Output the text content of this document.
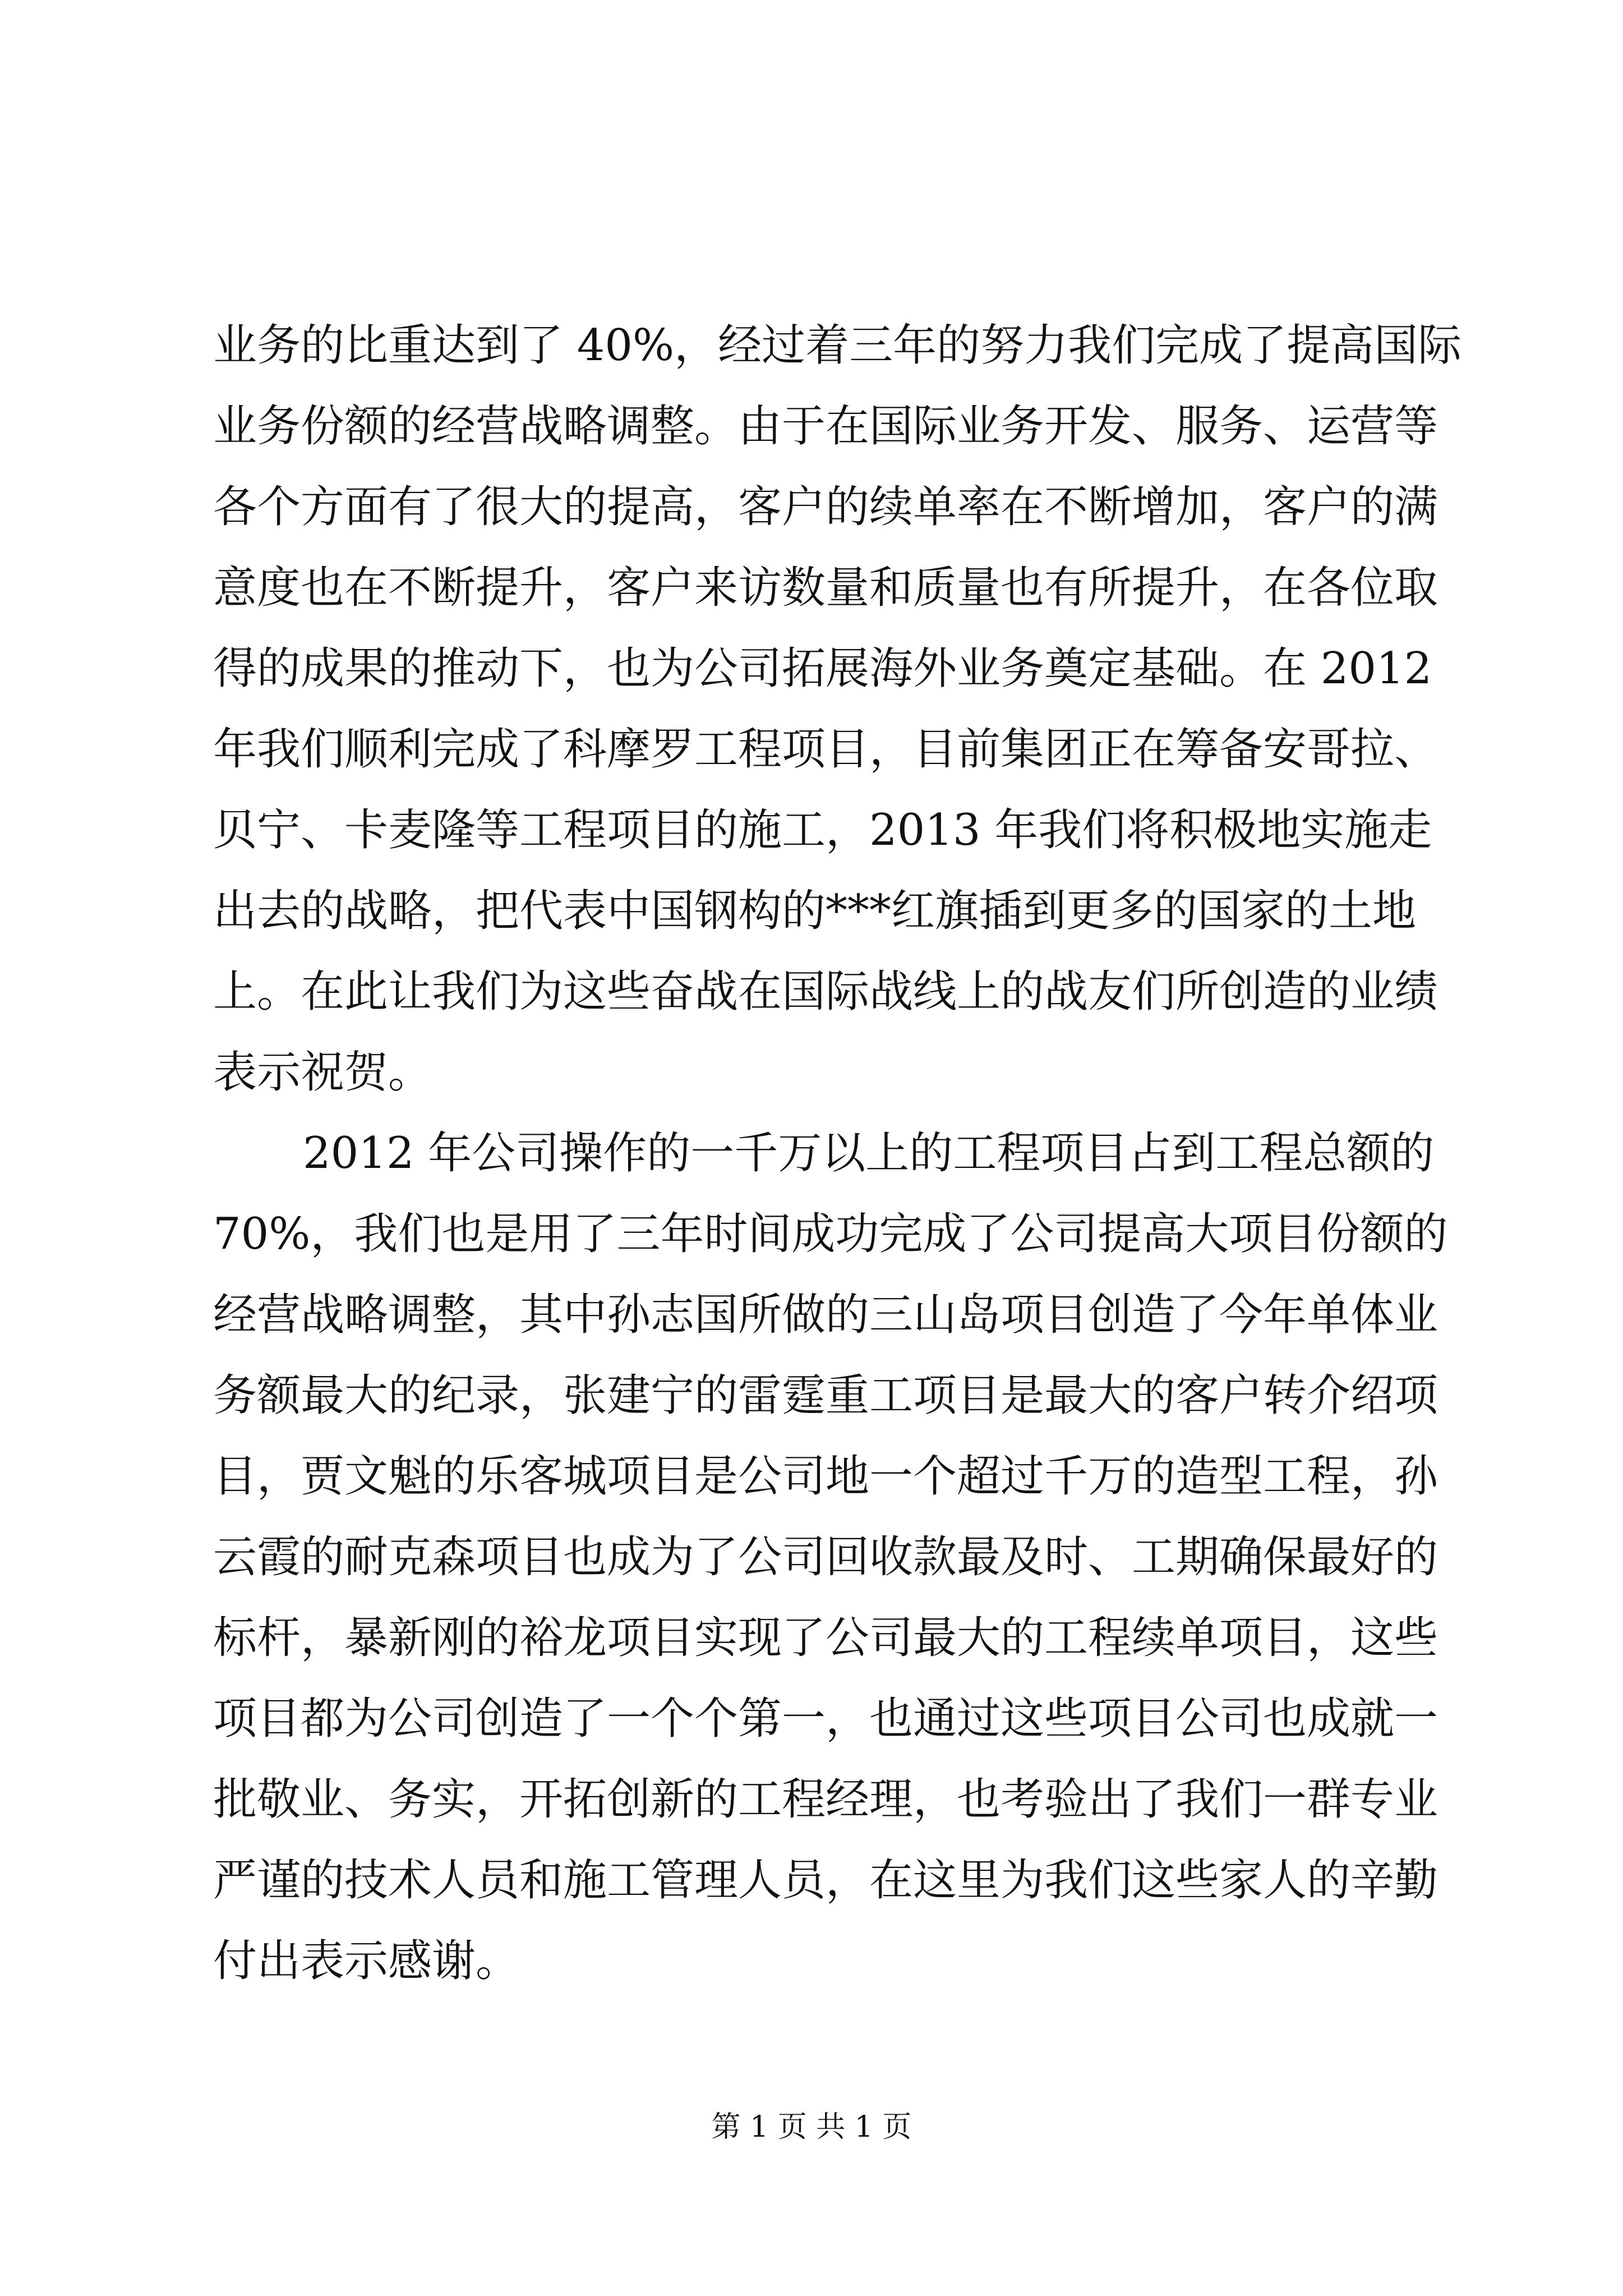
业务的比重达到了 40%，经过着三年的努力我们完成了提高国际
业务份额的经营战略调整。由于在国际业务开发、服务、运营等
各个方面有了很大的提高，客户的续单率在不断增加，客户的满
意度也在不断提升，客户来访数量和质量也有所提升，在各位取
得的成果的推动下，也为公司拓展海外业务奠定基础。在 2012
年我们顺利完成了科摩罗工程项目，目前集团正在筹备安哥拉、
贝宁、卡麦隆等工程项目的施工，2013 年我们将积极地实施走
出去的战略，把代表中国钢构的***红旗插到更多的国家的土地
上。在此让我们为这些奋战在国际战线上的战友们所创造的业绩
表示祝贺。
2012 年公司操作的一千万以上的工程项目占到工程总额的
70%，我们也是用了三年时间成功完成了公司提高大项目份额的
经营战略调整，其中孙志国所做的三山岛项目创造了今年单体业
务额最大的纪录，张建宁的雷霆重工项目是最大的客户转介绍项
目，贾文魁的乐客城项目是公司地一个超过千万的造型工程，孙
云霞的耐克森项目也成为了公司回收款最及时、工期确保最好的
标杆，暴新刚的裕龙项目实现了公司最大的工程续单项目，这些
项目都为公司创造了一个个第一，也通过这些项目公司也成就一
批敬业、务实，开拓创新的工程经理，也考验出了我们一群专业
严谨的技术人员和施工管理人员，在这里为我们这些家人的辛勤
付出表示感谢。
第 1 页 共 1 页
